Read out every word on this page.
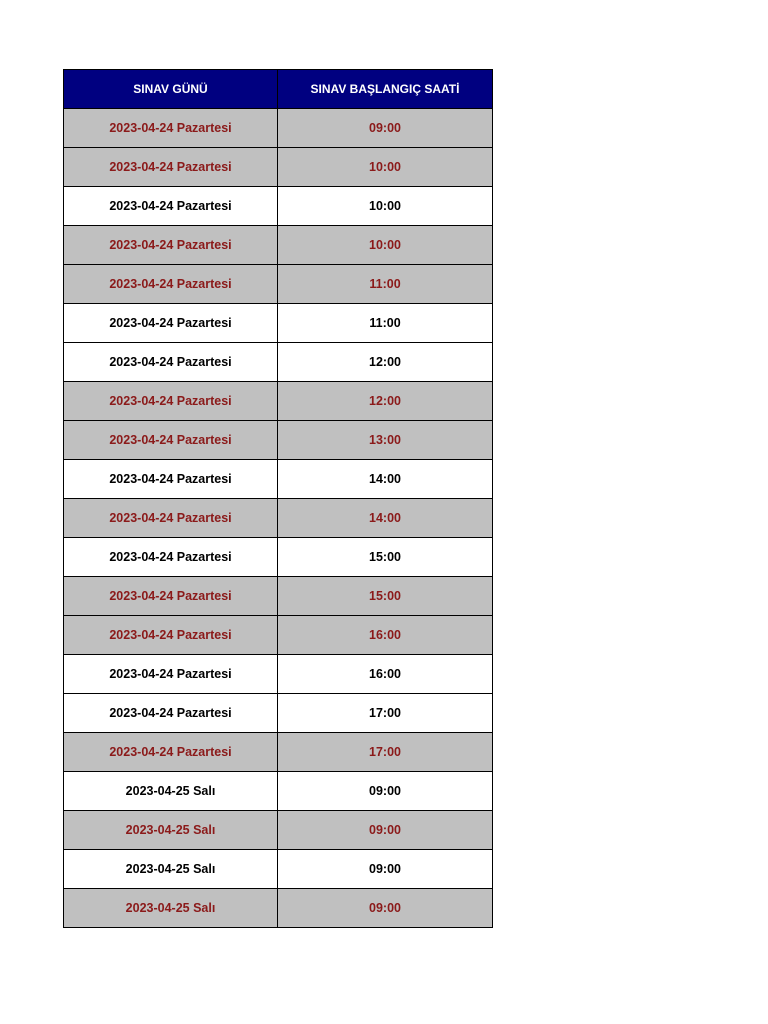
SINAV GÜNÜ	SINAV BAŞLANGIÇ SAATİ
2023-04-24 Pazartesi	09:00
2023-04-24 Pazartesi	10:00
2023-04-24 Pazartesi	10:00
2023-04-24 Pazartesi	10:00
2023-04-24 Pazartesi	11:00
2023-04-24 Pazartesi	11:00
2023-04-24 Pazartesi	12:00
2023-04-24 Pazartesi	12:00
2023-04-24 Pazartesi	13:00
2023-04-24 Pazartesi	14:00
2023-04-24 Pazartesi	14:00
2023-04-24 Pazartesi	15:00
2023-04-24 Pazartesi	15:00
2023-04-24 Pazartesi	16:00
2023-04-24 Pazartesi	16:00
2023-04-24 Pazartesi	17:00
2023-04-24 Pazartesi	17:00
2023-04-25 Salı	09:00
2023-04-25 Salı	09:00
2023-04-25 Salı	09:00
2023-04-25 Salı	09:00
